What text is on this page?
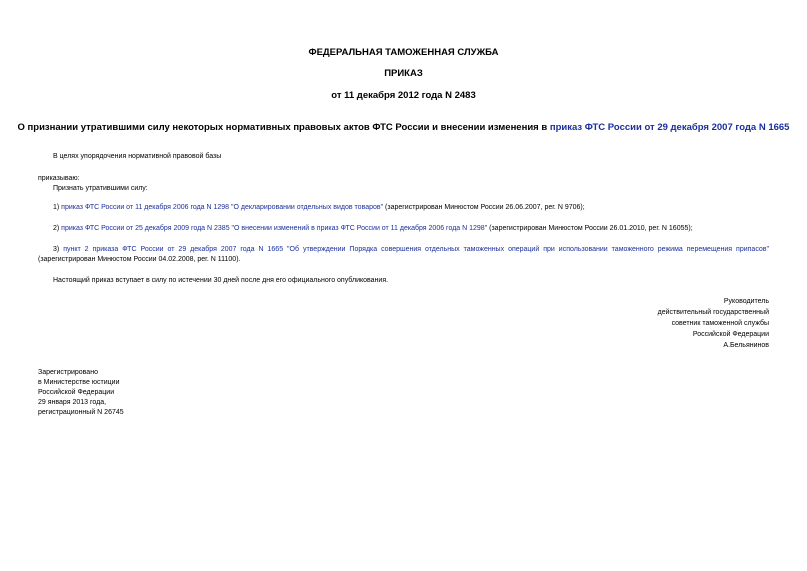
ФЕДЕРАЛЬНАЯ ТАМОЖЕННАЯ СЛУЖБА
ПРИКАЗ
от 11 декабря 2012 года N 2483
О признании утратившими силу некоторых нормативных правовых актов ФТС России и внесении изменения в приказ ФТС России от 29 декабря 2007 года N 1665
В целях упорядочения нормативной правовой базы
приказываю:
Признать утратившими силу:
1) приказ ФТС России от 11 декабря 2006 года N 1298 "О декларировании отдельных видов товаров" (зарегистрирован Минюстом России 26.06.2007, рег. N 9706);
2) приказ ФТС России от 25 декабря 2009 года N 2385 "О внесении изменений в приказ ФТС России от 11 декабря 2006 года N 1298" (зарегистрирован Минюстом России 26.01.2010, рег. N 16055);
3) пункт 2 приказа ФТС России от 29 декабря 2007 года N 1665 "Об утверждении Порядка совершения отдельных таможенных операций при использовании таможенного режима перемещения припасов" (зарегистрирован Минюстом России 04.02.2008, рег. N 11100).
Настоящий приказ вступает в силу по истечении 30 дней после дня его официального опубликования.
Руководитель
действительный государственный
советник таможенной службы
Российской Федерации
А.Бельянинов
Зарегистрировано
в Министерстве юстиции
Российской Федерации
29 января 2013 года,
регистрационный N 26745
